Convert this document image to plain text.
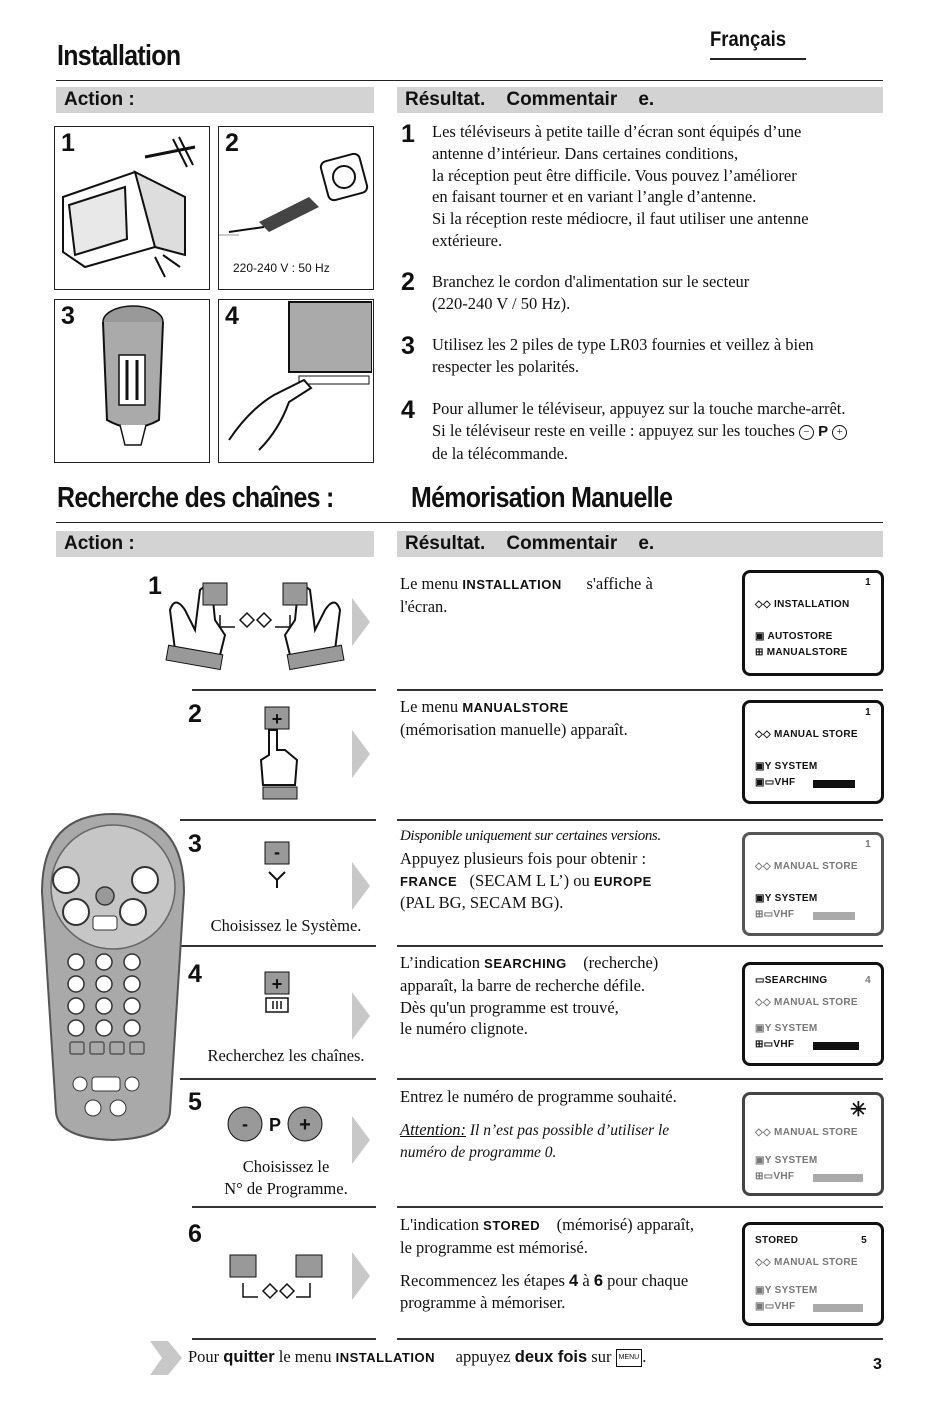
Français
Installation
Action :	Résultat.    Commentair    e.
1	2
220-240 V : 50 Hz
3	4
1 Les téléviseurs à petite taille d’écran sont équipés d’une
antenne d’intérieur. Dans certaines conditions,
la réception peut être difficile. Vous pouvez l’améliorer
en faisant tourner et en variant l’angle d’antenne.
Si la réception reste médiocre, il faut utiliser une antenne
extérieure.
2 Branchez le cordon d'alimentation sur le secteur
(220-240 V / 50 Hz).
3 Utilisez les 2 piles de type LR03 fournies et veillez à bien
respecter les polarités.
4 Pour allumer le téléviseur, appuyez sur la touche marche-arrêt.
Si le téléviseur reste en veille : appuyez sur les touches − P +
de la télécommande.
Recherche des chaînes :	Mémorisation Manuelle
Action :	Résultat.    Commentair    e.
1	Le menu INSTALLATION      s'affiche à
l'écran.
1
◇◇ INSTALLATION
▣ AUTOSTORE
⊞ MANUALSTORE
2	+
Le menu MANUALSTORE
(mémorisation manuelle) apparaît.
1
◇◇ MANUAL STORE
▣Y SYSTEM
▣▭VHF
3	-
Choisissez le Système.
Disponible uniquement sur certaines versions.
Appuyez plusieurs fois pour obtenir :
FRANCE   (SECAM L L’) ou EUROPE
(PAL BG, SECAM BG).
1
◇◇ MANUAL STORE
▣Y SYSTEM
⊞▭VHF
4	+
Recherchez les chaînes.
L’indication SEARCHING    (recherche)
apparaît, la barre de recherche défile.
Dès qu'un programme est trouvé,
le numéro clignote.
▭SEARCHING	4
◇◇ MANUAL STORE
▣Y SYSTEM
⊞▭VHF
5
- P +
Choisissez le
N° de Programme.
Entrez le numéro de programme souhaité.
Attention: Il n’est pas possible d’utiliser le
numéro de programme 0.
✳
◇◇ MANUAL STORE
▣Y SYSTEM
⊞▭VHF
6	L'indication STORED    (mémorisé) apparaît,
le programme est mémorisé.
Recommencez les étapes 4 à 6 pour chaque
programme à mémoriser.
STORED	5
◇◇ MANUAL STORE
▣Y SYSTEM
▣▭VHF
Pour quitter le menu INSTALLATION     appuyez deux fois sur MENU .	3
